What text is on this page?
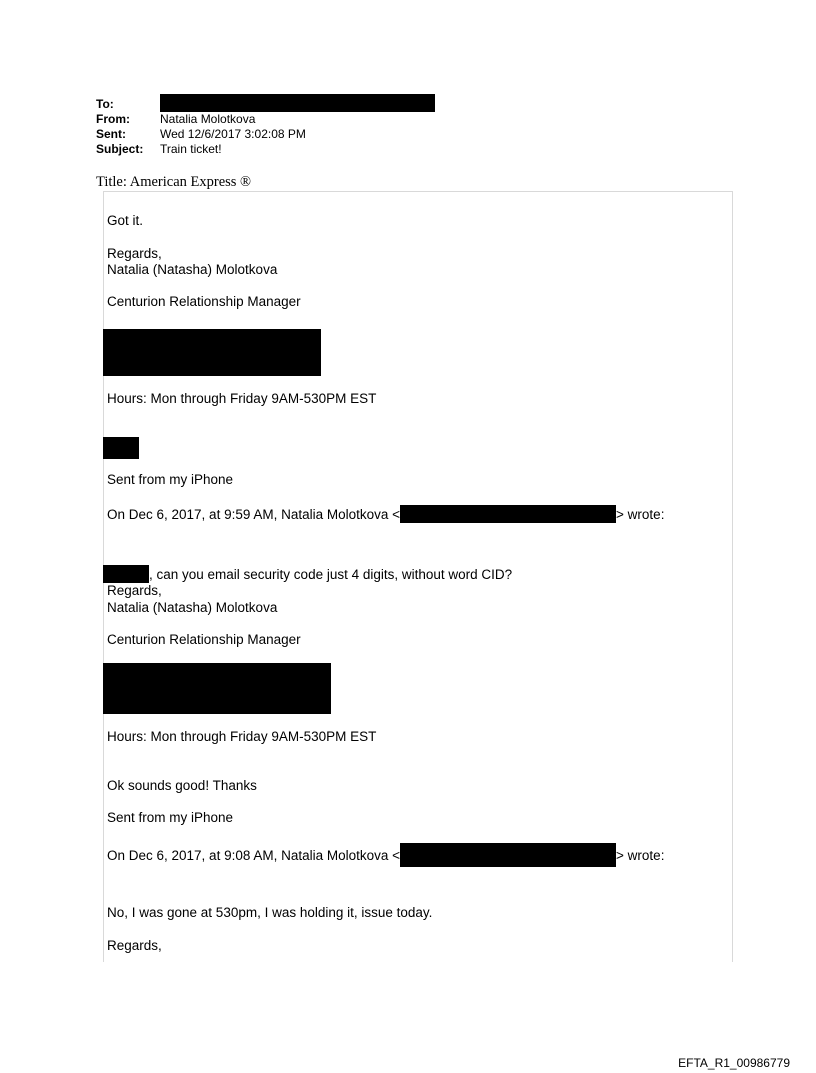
To:
From:	Natalia Molotkova
Sent:	Wed 12/6/2017 3:02:08 PM
Subject:	Train ticket!
Title: American Express ®
Got it.
Regards,
Natalia (Natasha) Molotkova
Centurion Relationship Manager
Hours: Mon through Friday 9AM-530PM EST
Sent from my iPhone
On Dec 6, 2017, at 9:59 AM, Natalia Molotkova <	> wrote:
, can you email security code just 4 digits, without word CID?
Regards,
Natalia (Natasha) Molotkova
Centurion Relationship Manager
Hours: Mon through Friday 9AM-530PM EST
Ok sounds good! Thanks
Sent from my iPhone
On Dec 6, 2017, at 9:08 AM, Natalia Molotkova <	> wrote:
No, I was gone at 530pm, I was holding it, issue today.
Regards,
EFTA_R1_00986779
